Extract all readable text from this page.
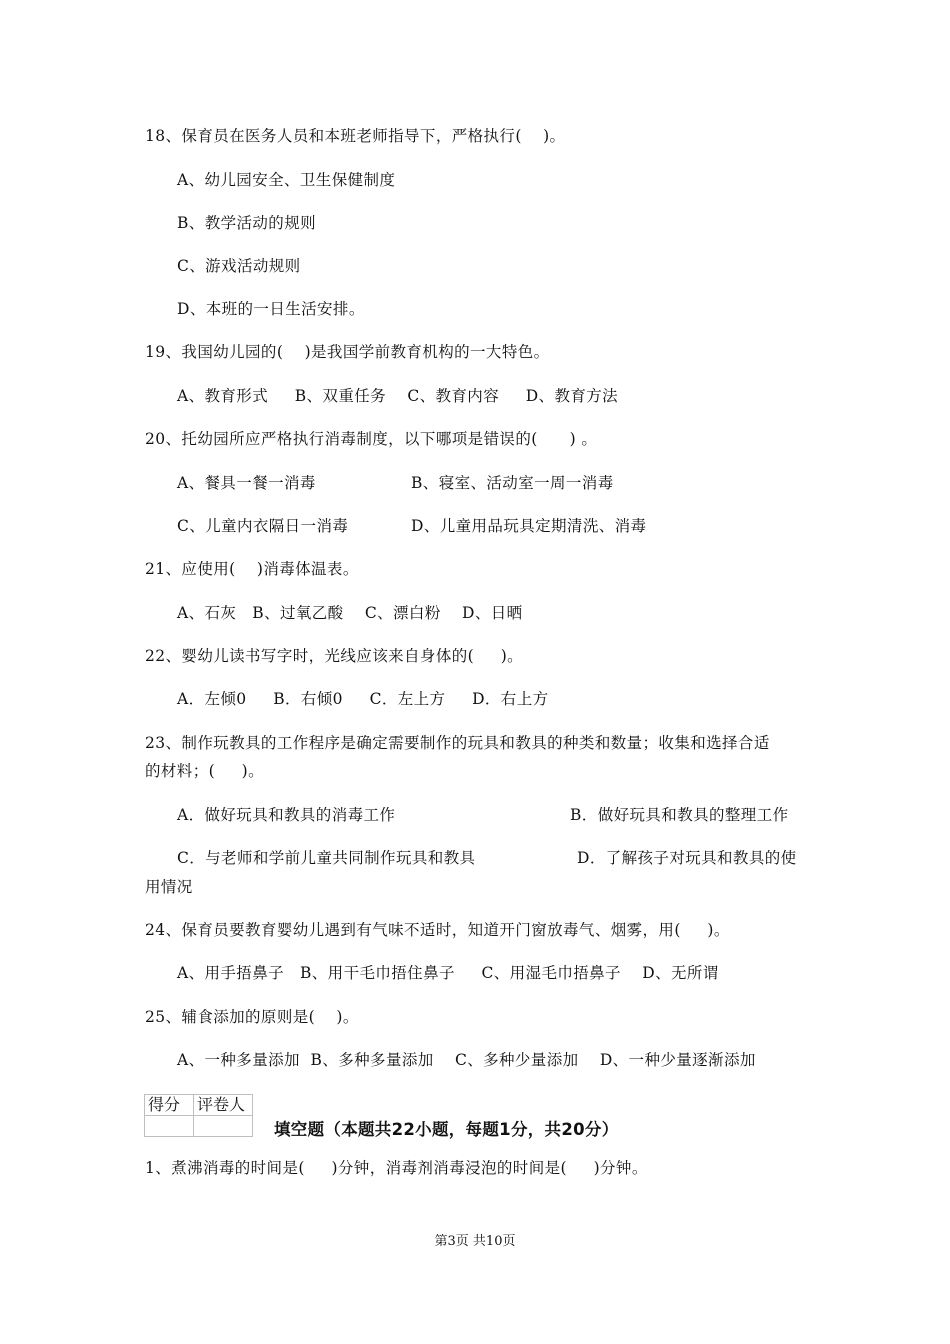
18、保育员在医务人员和本班老师指导下，严格执行(    )。
A、幼儿园安全、卫生保健制度
B、教学活动的规则
C、游戏活动规则
D、本班的一日生活安排。
19、我国幼儿园的(    )是我国学前教育机构的一大特色。
A、教育形式     B、双重任务    C、教育内容     D、教育方法
20、托幼园所应严格执行消毒制度，以下哪项是错误的(      ) 。
A、餐具一餐一消毒	B、寝室、活动室一周一消毒
C、儿童内衣隔日一消毒	D、儿童用品玩具定期清洗、消毒
21、应使用(    )消毒体温表。
A、石灰   B、过氧乙酸    C、漂白粉    D、日晒
22、婴幼儿读书写字时，光线应该来自身体的(     )。
A．左倾0     B．右倾0     C．左上方     D．右上方
23、制作玩教具的工作程序是确定需要制作的玩具和教具的种类和数量；收集和选择合适
的材料；(     )。
A．做好玩具和教具的消毒工作	B．做好玩具和教具的整理工作
C．与老师和学前儿童共同制作玩具和教具	D．了解孩子对玩具和教具的使
用情况
24、保育员要教育婴幼儿遇到有气味不适时，知道开门窗放毒气、烟雾，用(     )。
A、用手捂鼻子   B、用干毛巾捂住鼻子     C、用湿毛巾捂鼻子    D、无所谓
25、辅食添加的原则是(    )。
A、一种多量添加  B、多种多量添加    C、多种少量添加    D、一种少量逐渐添加
得分	评卷人

填空题（本题共22小题，每题1分，共20分）
1、煮沸消毒的时间是(     )分钟，消毒剂消毒浸泡的时间是(     )分钟。
第3页 共10页
